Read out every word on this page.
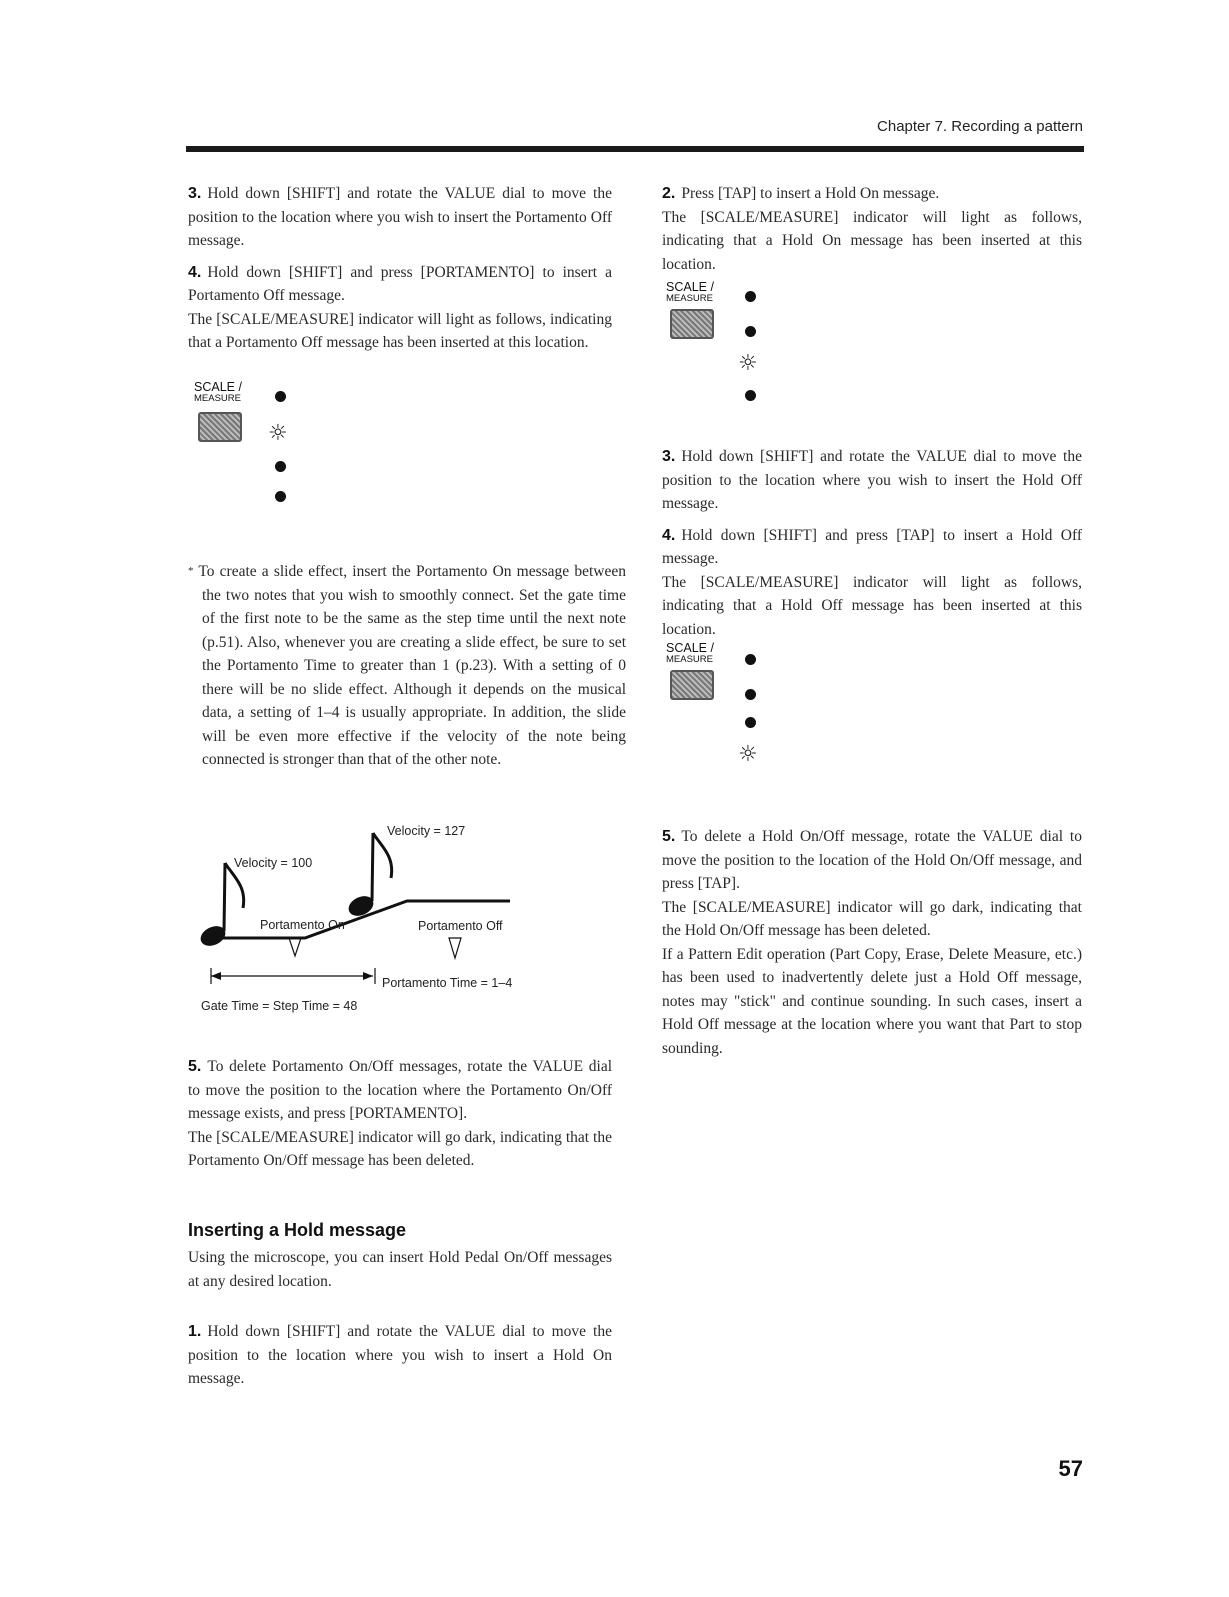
Chapter 7. Recording a pattern

3. Hold down [SHIFT] and rotate the VALUE dial to move the position to the location where you wish to insert the Portamento Off message.

4. Hold down [SHIFT] and press [PORTAMENTO] to insert a Portamento Off message.

The [SCALE/MEASURE] indicator will light as follows, indicating that a Portamento Off message has been inserted at this location.

SCALE /
MEASURE
☼
* To create a slide effect, insert the Portamento On message between the two notes that you wish to smoothly connect. Set the gate time of the first note to be the same as the step time until the next note (p.51). Also, whenever you are creating a slide effect, be sure to set the Portamento Time to greater than 1 (p.23). With a setting of 0 there will be no slide effect. Although it depends on the musical data, a setting of 1–4 is usually appropriate. In addition, the slide will be even more effective if the velocity of the note being connected is stronger than that of the other note.
Velocity = 127
Velocity = 100
Portamento On	Portamento Off
Portamento Time = 1–4
Gate Time = Step Time = 48

5. To delete Portamento On/Off messages, rotate the VALUE dial to move the position to the location where the Portamento On/Off message exists, and press [PORTAMENTO].

The [SCALE/MEASURE] indicator will go dark, indicating that the Portamento On/Off message has been deleted.

Inserting a Hold message
Using the microscope, you can insert Hold Pedal On/Off messages at any desired location.
1. Hold down [SHIFT] and rotate the VALUE dial to move the position to the location where you wish to insert a Hold On message.

2. Press [TAP] to insert a Hold On message.

The [SCALE/MEASURE] indicator will light as follows, indicating that a Hold On message has been inserted at this location.

SCALE /
MEASURE
☼

3. Hold down [SHIFT] and rotate the VALUE dial to move the position to the location where you wish to insert the Hold Off message.

4. Hold down [SHIFT] and press [TAP] to insert a Hold Off message.

The [SCALE/MEASURE] indicator will light as follows, indicating that a Hold Off message has been inserted at this location.

SCALE /
MEASURE
☼

5. To delete a Hold On/Off message, rotate the VALUE dial to move the position to the location of the Hold On/Off message, and press [TAP].

The [SCALE/MEASURE] indicator will go dark, indicating that the Hold On/Off message has been deleted.

If a Pattern Edit operation (Part Copy, Erase, Delete Measure, etc.) has been used to inadvertently delete just a Hold Off message, notes may "stick" and continue sounding. In such cases, insert a Hold Off message at the location where you want that Part to stop sounding.

57
